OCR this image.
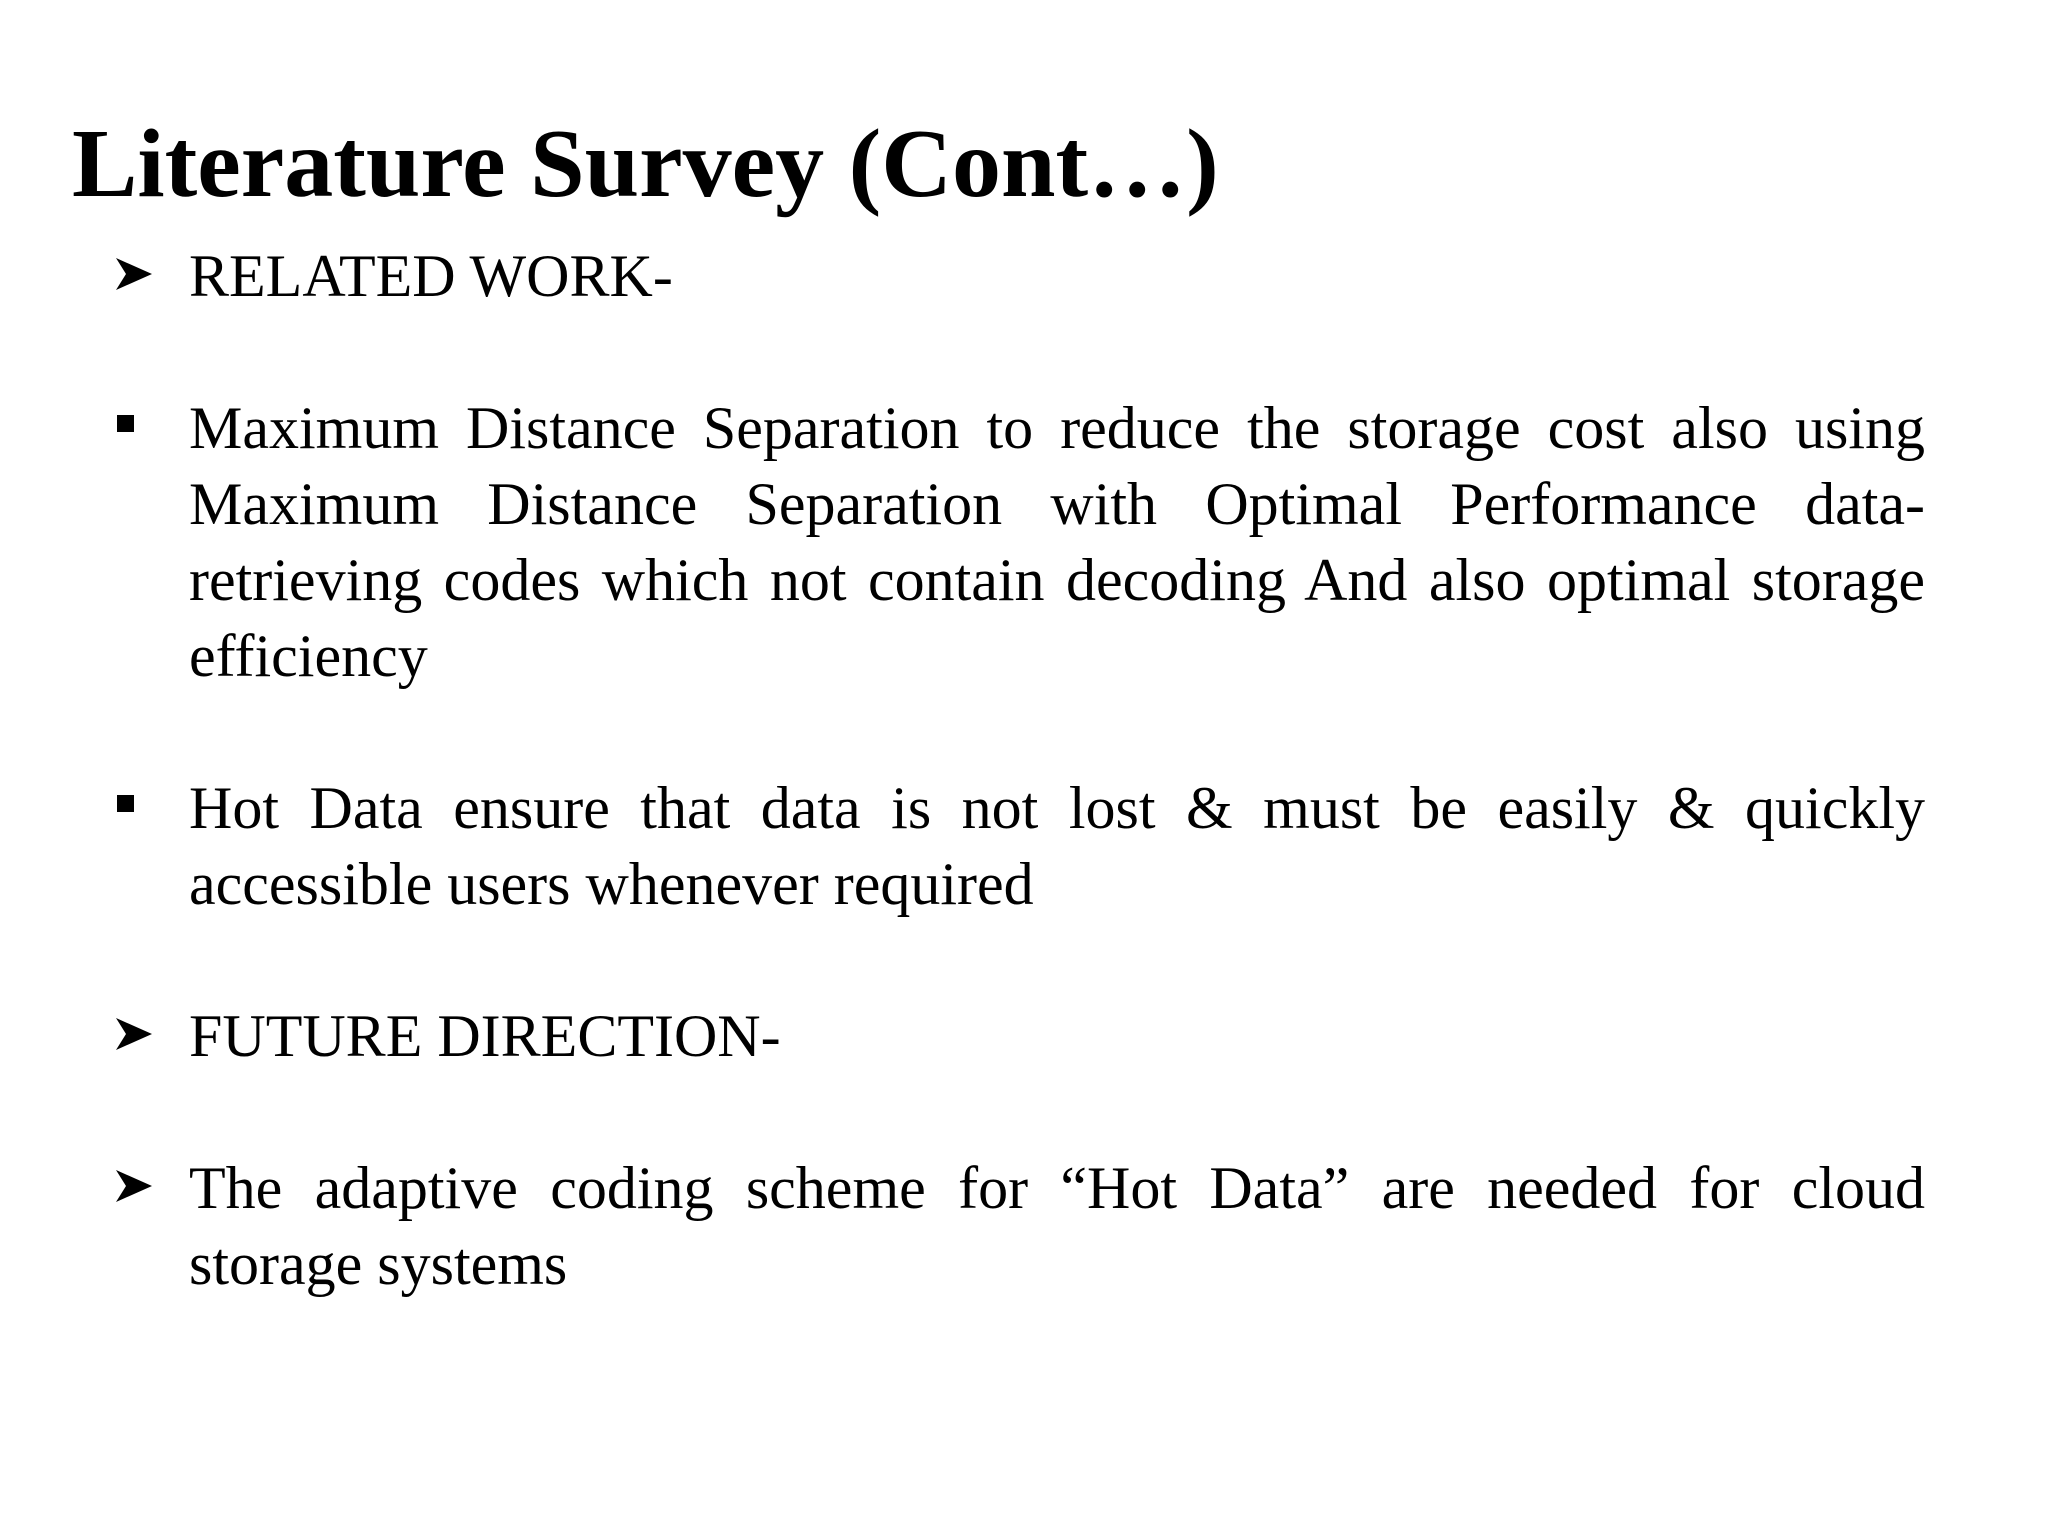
Literature Survey (Cont…)
RELATED WORK-
Maximum Distance Separation to reduce the storage cost also using Maximum Distance Separation with Optimal Performance data-retrieving codes which not contain decoding And also optimal storage efficiency
Hot Data ensure that data is not lost & must be easily & quickly accessible users whenever required
FUTURE DIRECTION-
The adaptive coding scheme for “Hot Data” are needed for cloud storage systems
